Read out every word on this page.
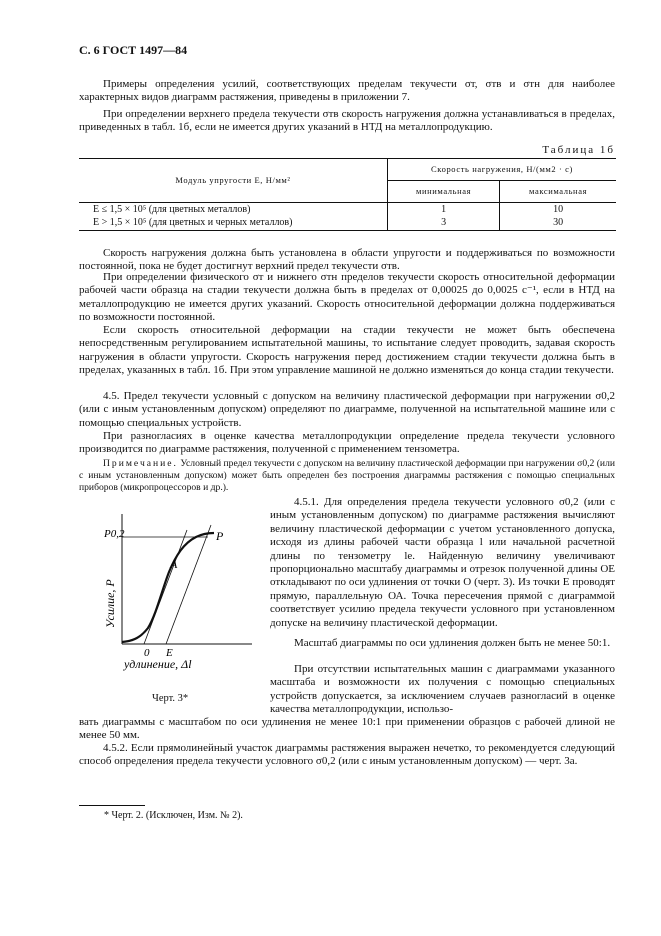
С. 6 ГОСТ 1497—84

Примеры определения усилий, соответствующих пределам текучести σт, σтв и σтн для наиболее характерных видов диаграмм растяжения, приведены в приложении 7.

При определении верхнего предела текучести σтв скорость нагружения должна устанавливаться в пределах, приведенных в табл. 1б, если не имеется других указаний в НТД на металлопродукцию.

Таблица 1б
Модуль упругости E, Н/мм²	Скорость нагружения, Н/(мм2 · с)	
	минимальная	максимальная
E ≤ 1,5 × 10⁵ (для цветных металлов)	1	10
E > 1,5 × 10⁵ (для цветных и черных металлов)	3	30

Скорость нагружения должна быть установлена в области упругости и поддерживаться по возможности постоянной, пока не будет достигнут верхний предел текучести σтв.

При определении физического σт и нижнего σтн пределов текучести скорость относительной деформации рабочей части образца на стадии текучести должна быть в пределах от 0,00025 до 0,0025 с⁻¹, если в НТД на металлопродукцию не имеется других указаний. Скорость относительной деформации должна поддерживаться по возможности постоянной.

Если скорость относительной деформации на стадии текучести не может быть обеспечена непосредственным регулированием испытательной машины, то испытание следует проводить, задавая скорость нагружения в области упругости. Скорость нагружения перед достижением стадии текучести должна быть в пределах, указанных в табл. 1б. При этом управление машиной не должно изменяться до конца стадии текучести.

4.5. Предел текучести условный с допуском на величину пластической деформации при нагружении σ0,2 (или с иным установленным допуском) определяют по диаграмме, полученной на испытательной машине или с помощью специальных устройств.

При разногласиях в оценке качества металлопродукции определение предела текучести условного производится по диаграмме растяжения, полученной с применением тензометра.

Примечание. Условный предел текучести с допуском на величину пластической деформации при нагружении σ0,2 (или с иным установленным допуском) может быть определен без построения диаграммы растяжения с помощью специальных приборов (микропроцессоров и др.).

4.5.1. Для определения предела текучести условного σ0,2 (или с иным установленным допуском) по диаграмме растяжения вычисляют величину пластической деформации с учетом установленного допуска, исходя из длины рабочей части образца l или начальной расчетной длины по тензометру lе. Найденную величину увеличивают пропорционально масштабу диаграммы и отрезок полученной длины ОЕ откладывают по оси удлинения от точки О (черт. 3). Из точки Е проводят прямую, параллельную ОА. Точка пересечения прямой с диаграммой соответствует усилию предела текучести условного при установленном допуске на величину пластической деформации.

Масштаб диаграммы по оси удлинения должен быть не менее 50:1.

При отсутствии испытательных машин с диаграммами указанного масштаба и возможности их получения с помощью специальных устройств допускается, за исключением случаев разногласий в оценке качества металлопродукции, использо-

вать диаграммы с масштабом по оси удлинения не менее 10:1 при применении образцов с рабочей длиной не менее 50 мм.

4.5.2. Если прямолинейный участок диаграммы растяжения выражен нечетко, то рекомендуется следующий способ определения предела текучести условного σ0,2 (или с иным установленным допуском) — черт. 3а.

P0,2
A
P
0 E
Усилие, P
удлинение, Δl
Черт. 3*
* Черт. 2. (Исключен, Изм. № 2).
